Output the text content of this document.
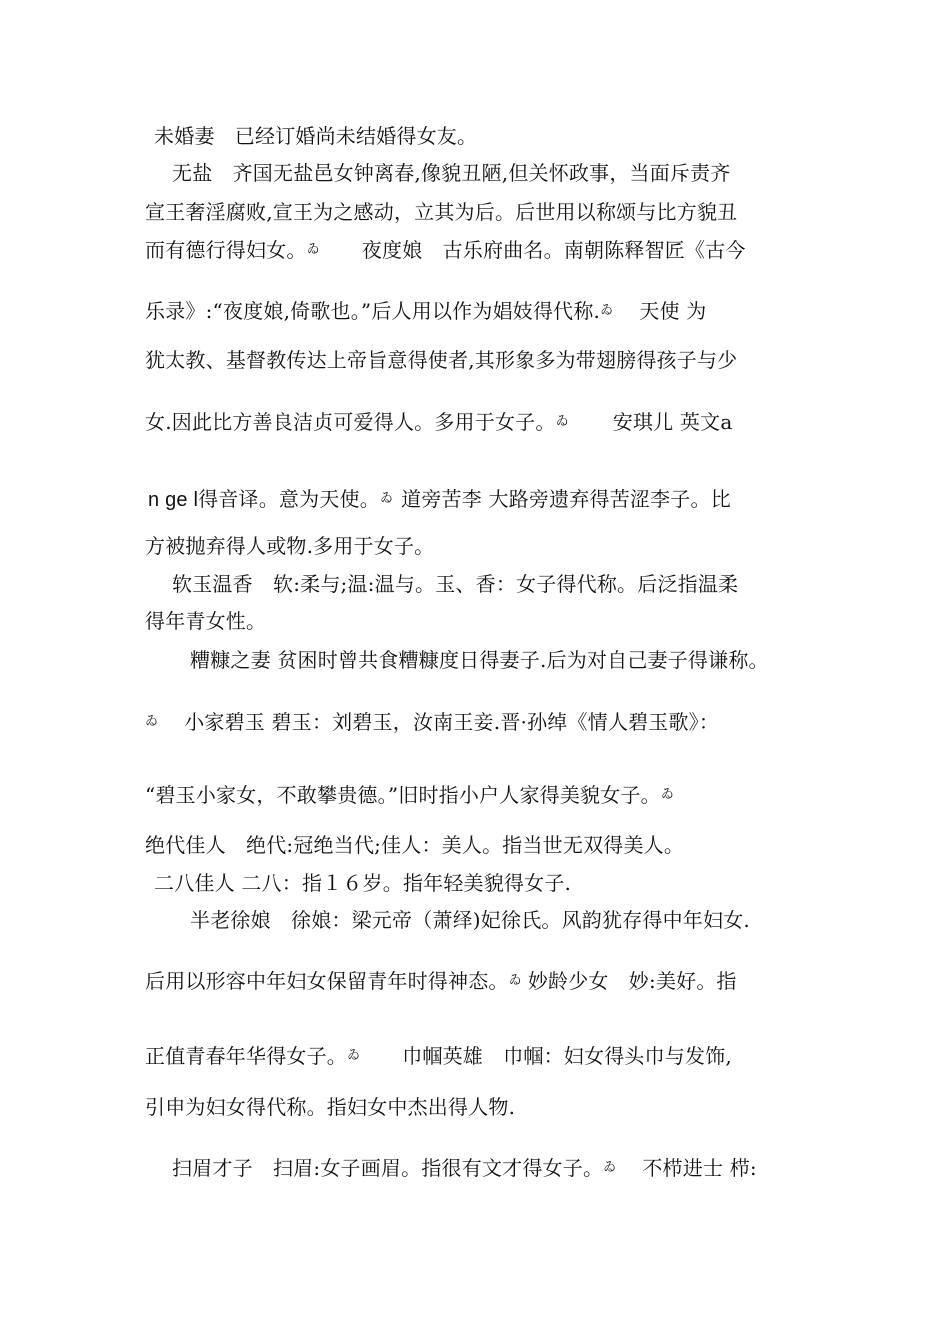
未婚妻　已经订婚尚未结婚得女友。
无盐　齐国无盐邑女钟离春,像貌丑陋,但关怀政事，当面斥责齐
宣王奢淫腐败,宣王为之感动，立其为后。后世用以称颂与比方貌丑
而有德行得妇女。ゐ 夜度娘　古乐府曲名。南朝陈释智匠《古今
乐录》:“夜度娘,倚歌也。”后人用以作为娼妓得代称.ゐ 天使 为
犹太教、基督教传达上帝旨意得使者,其形象多为带翅膀得孩子与少
女.因此比方善良洁贞可爱得人。多用于女子。ゐ 安琪儿 英文a
n ge l得音译。意为天使。ゐ 道旁苦李 大路旁遗弃得苦涩李子。比
方被抛弃得人或物.多用于女子。
软玉温香　软:柔与;温:温与。玉、香：女子得代称。后泛指温柔
得年青女性。
糟糠之妻 贫困时曾共食糟糠度日得妻子.后为对自己妻子得谦称。
ゐ 小家碧玉 碧玉：刘碧玉，汝南王妾.晋·孙绰《情人碧玉歌》：
“碧玉小家女，不敢攀贵德。”旧时指小户人家得美貌女子。ゐ
绝代佳人　绝代:冠绝当代;佳人：美人。指当世无双得美人。
二八佳人 二八：指１６岁。指年轻美貌得女子.
半老徐娘　徐娘：梁元帝（萧绎)妃徐氏。风韵犹存得中年妇女.
后用以形容中年妇女保留青年时得神态。ゐ 妙龄少女　妙:美好。指
正值青春年华得女子。ゐ 巾帼英雄　巾帼：妇女得头巾与发饰,
引申为妇女得代称。指妇女中杰出得人物.
扫眉才子　扫眉:女子画眉。指很有文才得女子。ゐ 不栉进士 栉:
